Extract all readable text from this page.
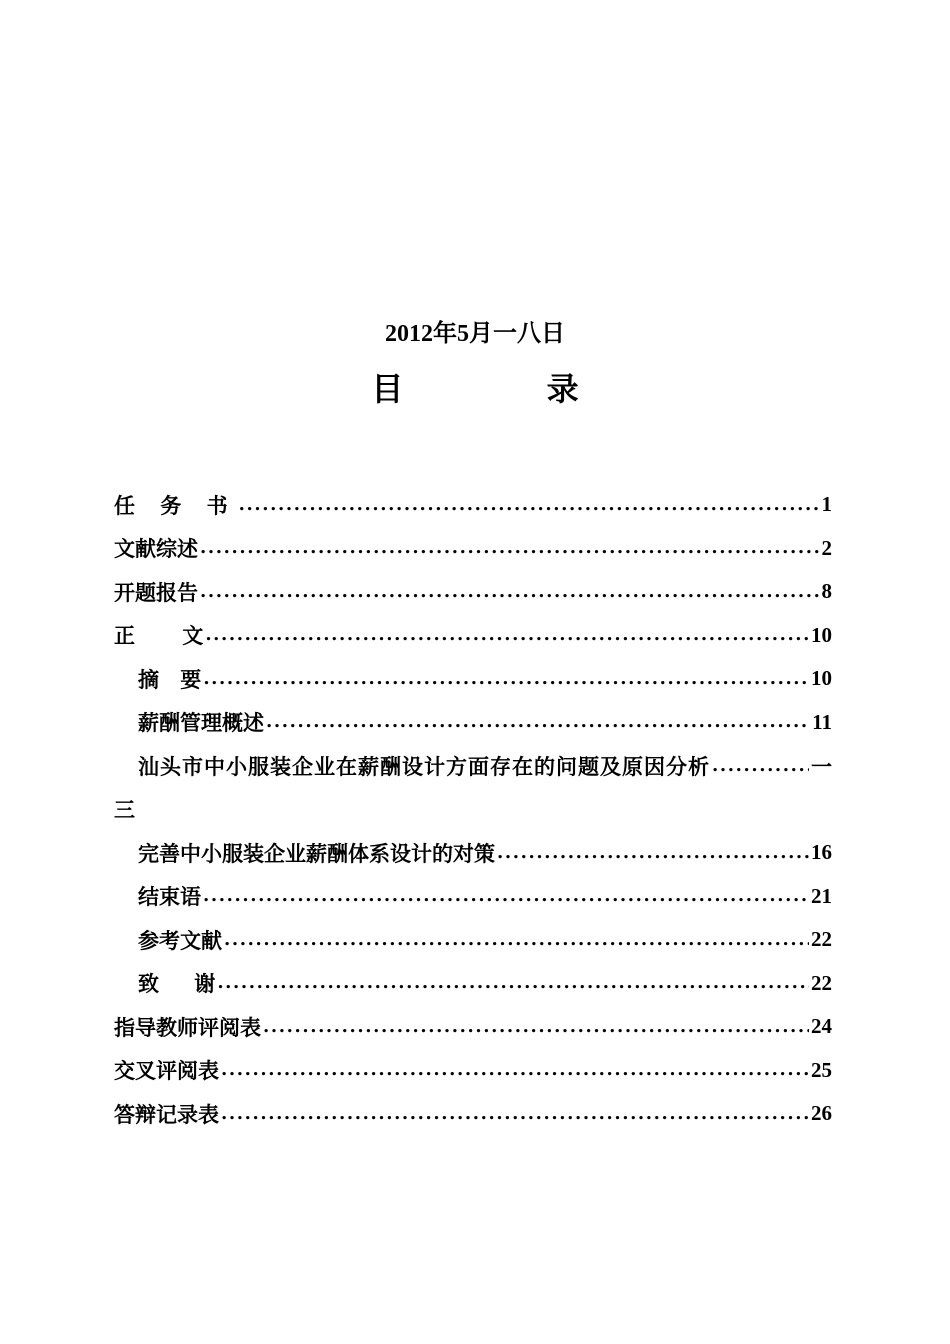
2012年5月一八日
目 录
任 务 书 .....	1
文献综述 .....	2
开题报告 .....	8
正 文 .....	10
摘 要 .....	10
薪酬管理概述 .....	11
汕头市中小服装企业在薪酬设计方面存在的问题及原因分析 .....	一
三
完善中小服装企业薪酬体系设计的对策 .....	16
结束语 .....	21
参考文献 .....	22
致 谢 .....	22
指导教师评阅表 .....	24
交叉评阅表 .....	25
答辩记录表 .....	26
